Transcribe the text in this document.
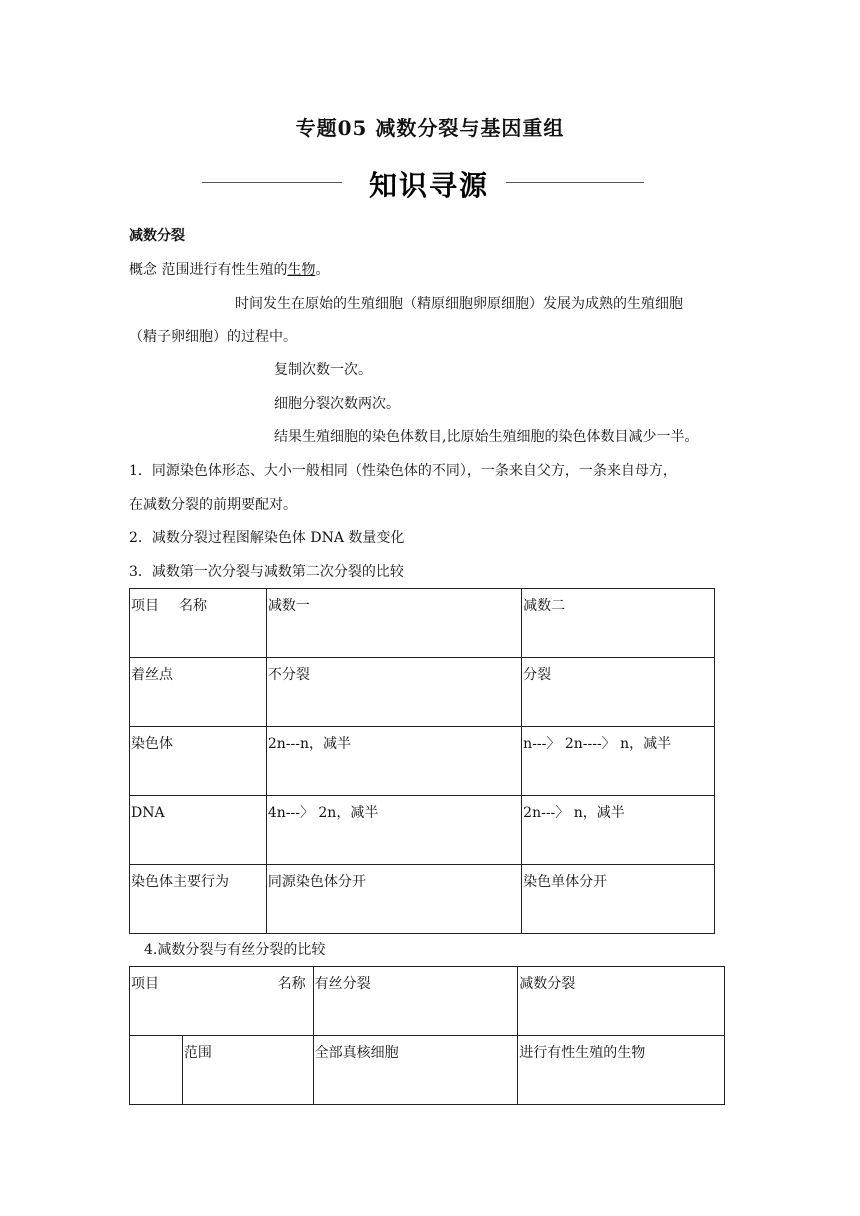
专题05 减数分裂与基因重组
知识寻源
减数分裂
概念 范围进行有性生殖的生物。
时间发生在原始的生殖细胞（精原细胞卵原细胞）发展为成熟的生殖细胞
（精子卵细胞）的过程中。
复制次数一次。
细胞分裂次数两次。
结果生殖细胞的染色体数目,比原始生殖细胞的染色体数目减少一半。
1．同源染色体形态、大小一般相同（性染色体的不同），一条来自父方，一条来自母方，
在减数分裂的前期要配对。
2．减数分裂过程图解染色体 DNA 数量变化
3．减数第一次分裂与减数第二次分裂的比较
项目 名称	减数一	减数二
着丝点	不分裂	分裂
染色体	2n---n，减半	n---〉 2n----〉 n，减半
DNA	4n---〉 2n，减半	2n---〉 n，减半
染色体主要行为	同源染色体分开	染色单体分开
4.减数分裂与有丝分裂的比较
项目 名称		有丝分裂	减数分裂
	范围	全部真核细胞	进行有性生殖的生物
